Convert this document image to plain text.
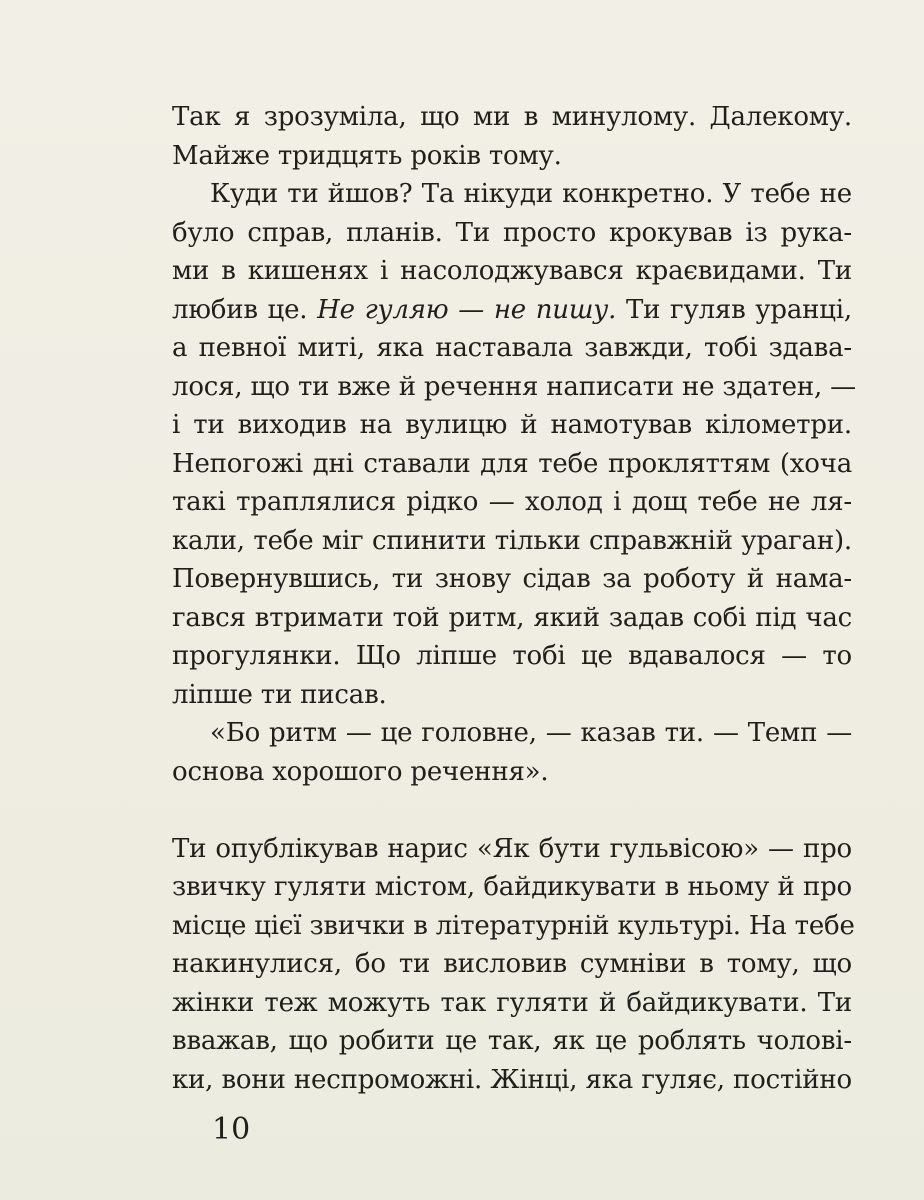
Так я зрозуміла, що ми в минулому. Далекому.
Майже тридцять років тому.
Куди ти йшов? Та нікуди конкретно. У тебе не
було справ, планів. Ти просто крокував із рука-
ми в кишенях і насолоджувався краєвидами. Ти
любив це. Не гуляю — не пишу. Ти гуляв уранці,
а певної миті, яка наставала завжди, тобі здава-
лося, що ти вже й речення написати не здатен, —
і ти виходив на вулицю й намотував кілометри.
Непогожі дні ставали для тебе прокляттям (хоча
такі траплялися рідко — холод і дощ тебе не ля-
кали, тебе міг спинити тільки справжній ураган).
Повернувшись, ти знову сідав за роботу й нама-
гався втримати той ритм, який задав собі під час
прогулянки. Що ліпше тобі це вдавалося — то
ліпше ти писав.
«Бо ритм — це головне, — казав ти. — Темп —
основа хорошого речення».
Ти опублікував нарис «Як бути гульвісою» — про
звичку гуляти містом, байдикувати в ньому й про
місце цієї звички в літературній культурі. На тебе
накинулися, бо ти висловив сумніви в тому, що
жінки теж можуть так гуляти й байдикувати. Ти
вважав, що робити це так, як це роблять чолові-
ки, вони неспроможні. Жінці, яка гуляє, постійно
10
